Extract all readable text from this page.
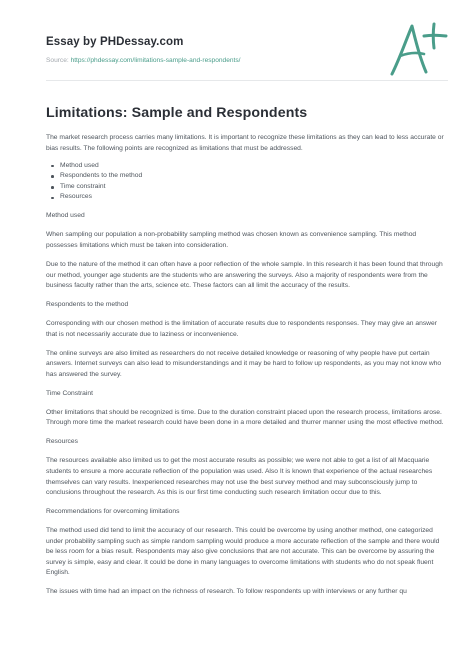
Essay by PHDessay.com
Source: https://phdessay.com/limitations-sample-and-respondents/
Limitations: Sample and Respondents

The market research process carries many limitations. It is important to recognize these limitations as they can lead to less accurate or bias results. The following points are recognized as limitations that must be addressed.

Method used
Respondents to the method
Time constraint
Resources
Method used

When sampling our population a non-probability sampling method was chosen known as convenience sampling. This method possesses limitations which must be taken into consideration.

Due to the nature of the method it can often have a poor reflection of the whole sample. In this research it has been found that through our method, younger age students are the students who are answering the surveys. Also a majority of respondents were from the business faculty rather than the arts, science etc. These factors can all limit the accuracy of the results.

Respondents to the method

Corresponding with our chosen method is the limitation of accurate results due to respondents responses. They may give an answer that is not necessarily accurate due to laziness or inconvenience.

The online surveys are also limited as researchers do not receive detailed knowledge or reasoning of why people have put certain answers. Internet surveys can also lead to misunderstandings and it may be hard to follow up respondents, as you may not know who has answered the survey.

Time Constraint

Other limitations that should be recognized is time. Due to the duration constraint placed upon the research process, limitations arose. Through more time the market research could have been done in a more detailed and thurrer manner using the most effective method.

Resources

The resources available also limited us to get the most accurate results as possible; we were not able to get a list of all Macquarie students to ensure a more accurate reflection of the population was used. Also It is known that experience of the actual researches themselves can vary results. Inexperienced researches may not use the best survey method and may subconsciously jump to conclusions throughout the research. As this is our first time conducting such research limitation occur due to this.

Recommendations for overcoming limitations

The method used did tend to limit the accuracy of our research. This could be overcome by using another method, one categorized under probability sampling such as simple random sampling would produce a more accurate reflection of the sample and there would be less room for a bias result. Respondents may also give conclusions that are not accurate. This can be overcome by assuring the survey is simple, easy and clear. It could be done in many languages to overcome limitations with students who do not speak fluent English.

The issues with time had an impact on the richness of research. To follow respondents up with interviews or any further qu
